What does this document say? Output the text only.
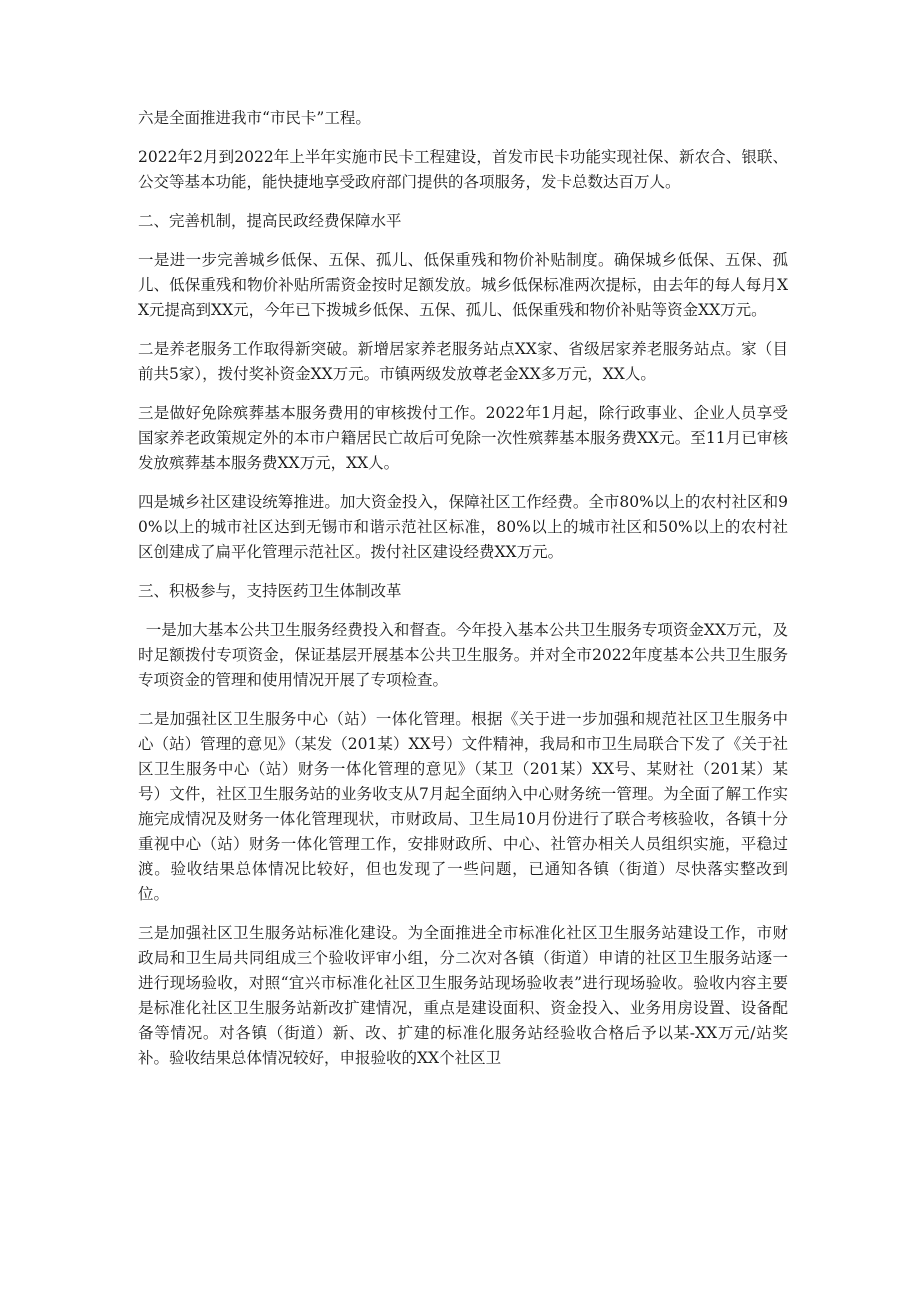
六是全面推进我市“市民卡”工程。

2022年2月到2022年上半年实施市民卡工程建设，首发市民卡功能实现社保、新农合、银联、公交等基本功能，能快捷地享受政府部门提供的各项服务，发卡总数达百万人。

二、完善机制，提高民政经费保障水平

一是进一步完善城乡低保、五保、孤儿、低保重残和物价补贴制度。确保城乡低保、五保、孤儿、低保重残和物价补贴所需资金按时足额发放。城乡低保标准两次提标，由去年的每人每月XX元提高到XX元，今年已下拨城乡低保、五保、孤儿、低保重残和物价补贴等资金XX万元。

二是养老服务工作取得新突破。新增居家养老服务站点XX家、省级居家养老服务站点。家（目前共5家），拨付奖补资金XX万元。市镇两级发放尊老金XX多万元，XX人。

三是做好免除殡葬基本服务费用的审核拨付工作。2022年1月起，除行政事业、企业人员享受国家养老政策规定外的本市户籍居民亡故后可免除一次性殡葬基本服务费XX元。至11月已审核发放殡葬基本服务费XX万元，XX人。

四是城乡社区建设统筹推进。加大资金投入，保障社区工作经费。全市80%以上的农村社区和90%以上的城市社区达到无锡市和谐示范社区标准，80%以上的城市社区和50%以上的农村社区创建成了扁平化管理示范社区。拨付社区建设经费XX万元。

三、积极参与，支持医药卫生体制改革

一是加大基本公共卫生服务经费投入和督查。今年投入基本公共卫生服务专项资金XX万元，及时足额拨付专项资金，保证基层开展基本公共卫生服务。并对全市2022年度基本公共卫生服务专项资金的管理和使用情况开展了专项检查。

二是加强社区卫生服务中心（站）一体化管理。根据《关于进一步加强和规范社区卫生服务中心（站）管理的意见》（某发（201某）XX号）文件精神，我局和市卫生局联合下发了《关于社区卫生服务中心（站）财务一体化管理的意见》（某卫（201某）XX号、某财社（201某）某号）文件，社区卫生服务站的业务收支从7月起全面纳入中心财务统一管理。为全面了解工作实施完成情况及财务一体化管理现状，市财政局、卫生局10月份进行了联合考核验收，各镇十分重视中心（站）财务一体化管理工作，安排财政所、中心、社管办相关人员组织实施，平稳过渡。验收结果总体情况比较好，但也发现了一些问题，已通知各镇（街道）尽快落实整改到位。

三是加强社区卫生服务站标准化建设。为全面推进全市标准化社区卫生服务站建设工作，市财政局和卫生局共同组成三个验收评审小组，分二次对各镇（街道）申请的社区卫生服务站逐一进行现场验收，对照“宜兴市标准化社区卫生服务站现场验收表”进行现场验收。验收内容主要是标准化社区卫生服务站新改扩建情况，重点是建设面积、资金投入、业务用房设置、设备配备等情况。对各镇（街道）新、改、扩建的标准化服务站经验收合格后予以某-XX万元/站奖补。验收结果总体情况较好，申报验收的XX个社区卫
